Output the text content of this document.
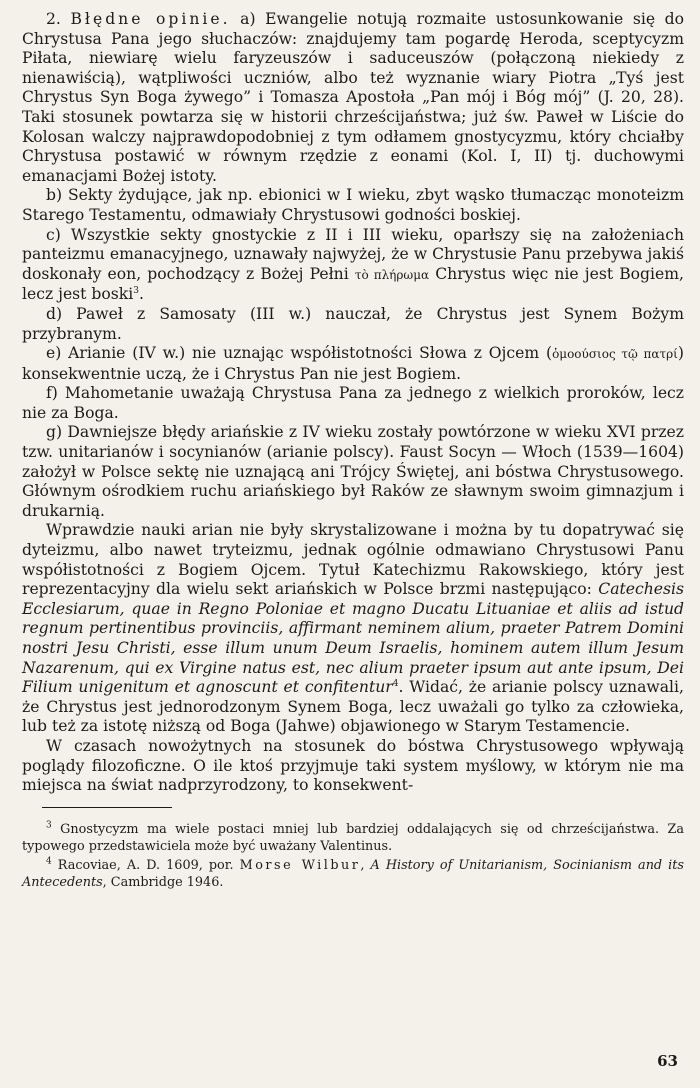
2. Błędne opinie. a) Ewangelie notują rozmaite ustosunkowanie się do Chrystusa Pana jego słuchaczów: znajdujemy tam pogardę Heroda, sceptycyzm Piłata, niewiarę wielu faryzeuszów i saduceuszów (połączoną niekiedy z nienawiścią), wątpliwości uczniów, albo też wyznanie wiary Piotra „Tyś jest Chrystus Syn Boga żywego” i Tomasza Apostoła „Pan mój i Bóg mój” (J. 20, 28). Taki stosunek powtarza się w historii chrześcijaństwa; już św. Paweł w Liście do Kolosan walczy najprawdopodobniej z tym odłamem gnostycyzmu, który chciałby Chrystusa postawić w równym rzędzie z eonami (Kol. I, II) tj. duchowymi emanacjami Bożej istoty.

b) Sekty żydujące, jak np. ebionici w I wieku, zbyt wąsko tłumacząc monoteizm Starego Testamentu, odmawiały Chrystusowi godności boskiej.

c) Wszystkie sekty gnostyckie z II i III wieku, oparłszy się na założeniach panteizmu emanacyjnego, uznawały najwyżej, że w Chrystusie Panu przebywa jakiś doskonały eon, pochodzący z Bożej Pełni τὸ πλήρωμα Chrystus więc nie jest Bogiem, lecz jest boski$^3$.

d) Paweł z Samosaty (III w.) nauczał, że Chrystus jest Synem Bożym przybranym.

e) Arianie (IV w.) nie uznając współistotności Słowa z Ojcem (ὁμοούσιος τῷ πατρί) konsekwentnie uczą, że i Chrystus Pan nie jest Bogiem.

f) Mahometanie uważają Chrystusa Pana za jednego z wielkich proroków, lecz nie za Boga.

g) Dawniejsze błędy ariańskie z IV wieku zostały powtórzone w wieku XVI przez tzw. unitarianów i socynianów (arianie polscy). Faust Socyn — Włoch (1539—1604) założył w Polsce sektę nie uznającą ani Trójcy Świętej, ani bóstwa Chrystusowego. Głównym ośrodkiem ruchu ariańskiego był Raków ze sławnym swoim gimnazjum i drukarnią.

Wprawdzie nauki arian nie były skrystalizowane i można by tu dopatrywać się dyteizmu, albo nawet tryteizmu, jednak ogólnie odmawiano Chrystusowi Panu współistotności z Bogiem Ojcem. Tytuł Katechizmu Rakowskiego, który jest reprezentacyjny dla wielu sekt ariańskich w Polsce brzmi następująco: Catechesis Ecclesiarum, quae in Regno Poloniae et magno Ducatu Lituaniae et aliis ad istud regnum pertinentibus provinciis, affirmant neminem alium, praeter Patrem Domini nostri Jesu Christi, esse illum unum Deum Israelis, hominem autem illum Jesum Nazarenum, qui ex Virgine natus est, nec alium praeter ipsum aut ante ipsum, Dei Filium unigenitum et agnoscunt et confitentur$^4$. Widać, że arianie polscy uznawali, że Chrystus jest jednorodzonym Synem Boga, lecz uważali go tylko za człowieka, lub też za istotę niższą od Boga (Jahwe) objawionego w Starym Testamencie.

W czasach nowożytnych na stosunek do bóstwa Chrystusowego wpływają poglądy filozoficzne. O ile ktoś przyjmuje taki system myślowy, w którym nie ma miejsca na świat nadprzyrodzony, to konsekwent-

$^3$ Gnostycyzm ma wiele postaci mniej lub bardziej oddalających się od chrześcijaństwa. Za typowego przedstawiciela może być uważany Valentinus.

$^4$ Racoviae, A. D. 1609, por. Morse Wilbur, A History of Unitarianism, Socinianism and its Antecedents, Cambridge 1946.

63
